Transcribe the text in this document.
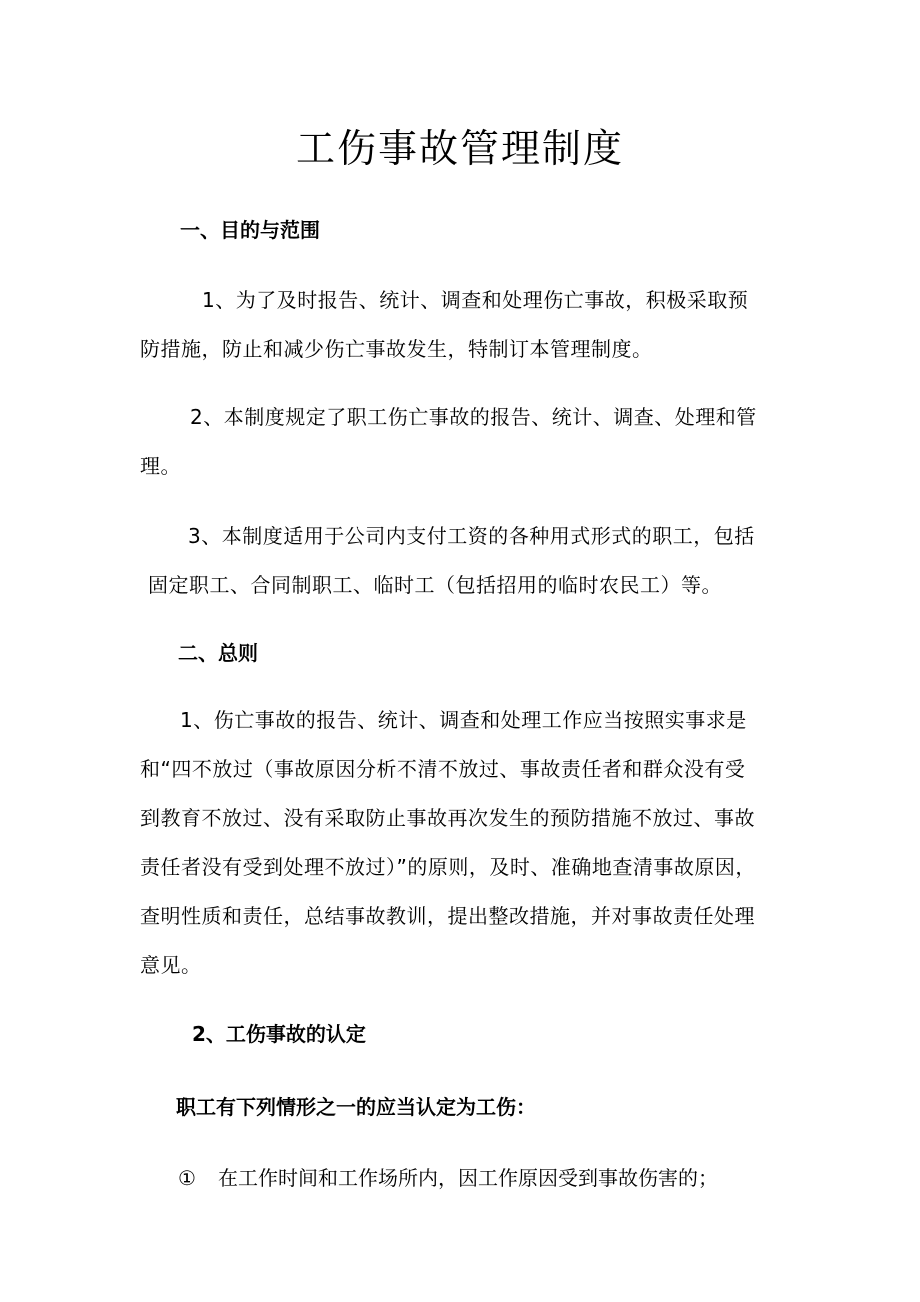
工伤事故管理制度
一、目的与范围
1、为了及时报告、统计、调查和处理伤亡事故，积极采取预
防措施，防止和减少伤亡事故发生，特制订本管理制度。
2、本制度规定了职工伤亡事故的报告、统计、调查、处理和管
理。
3、本制度适用于公司内支付工资的各种用式形式的职工，包括
固定职工、合同制职工、临时工（包括招用的临时农民工）等。
二、总则
1、伤亡事故的报告、统计、调查和处理工作应当按照实事求是
和“四不放过（事故原因分析不清不放过、事故责任者和群众没有受
到教育不放过、没有采取防止事故再次发生的预防措施不放过、事故
责任者没有受到处理不放过）”的原则，及时、准确地查清事故原因，
查明性质和责任，总结事故教训，提出整改措施，并对事故责任处理
意见。
2、工伤事故的认定
职工有下列情形之一的应当认定为工伤：
① 在工作时间和工作场所内，因工作原因受到事故伤害的；
